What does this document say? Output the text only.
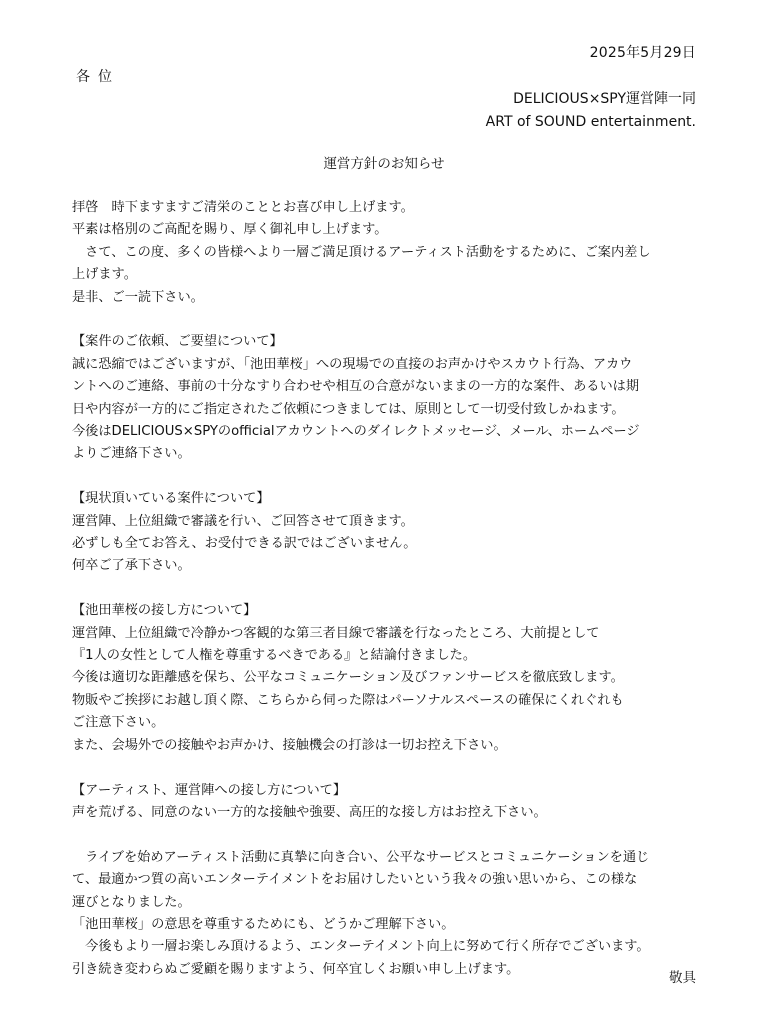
2025年5月29日
各位
DELICIOUS×SPY運営陣一同
ART of SOUND entertainment.
運営方針のお知らせ

拝啓　時下ますますご清栄のこととお喜び申し上げます。

平素は格別のご高配を賜り、厚く御礼申し上げます。

　さて、この度、多くの皆様へより一層ご満足頂けるアーティスト活動をするために、ご案内差し

上げます。

是非、ご一読下さい。

【案件のご依頼、ご要望について】

誠に恐縮ではございますが、「池田華桜」への現場での直接のお声かけやスカウト行為、アカウ

ントへのご連絡、事前の十分なすり合わせや相互の合意がないままの一方的な案件、あるいは期

日や内容が一方的にご指定されたご依頼につきましては、原則として一切受付致しかねます。

今後はDELICIOUS×SPYのofficialアカウントへのダイレクトメッセージ、メール、ホームページ

よりご連絡下さい。

【現状頂いている案件について】

運営陣、上位組織で審議を行い、ご回答させて頂きます。

必ずしも全てお答え、お受付できる訳ではございません。

何卒ご了承下さい。

【池田華桜の接し方について】

運営陣、上位組織で冷静かつ客観的な第三者目線で審議を行なったところ、大前提として

『1人の女性として人権を尊重するべきである』と結論付きました。

今後は適切な距離感を保ち、公平なコミュニケーション及びファンサービスを徹底致します。

物販やご挨拶にお越し頂く際、こちらから伺った際はパーソナルスペースの確保にくれぐれも

ご注意下さい。

また、会場外での接触やお声かけ、接触機会の打診は一切お控え下さい。

【アーティスト、運営陣への接し方について】

声を荒げる、同意のない一方的な接触や強要、高圧的な接し方はお控え下さい。

　ライブを始めアーティスト活動に真摯に向き合い、公平なサービスとコミュニケーションを通じ

て、最適かつ質の高いエンターテイメントをお届けしたいという我々の強い思いから、この様な

運びとなりました。

「池田華桜」の意思を尊重するためにも、どうかご理解下さい。

　今後もより一層お楽しみ頂けるよう、エンターテイメント向上に努めて行く所存でございます。

引き続き変わらぬご愛顧を賜りますよう、何卒宜しくお願い申し上げます。

敬具
